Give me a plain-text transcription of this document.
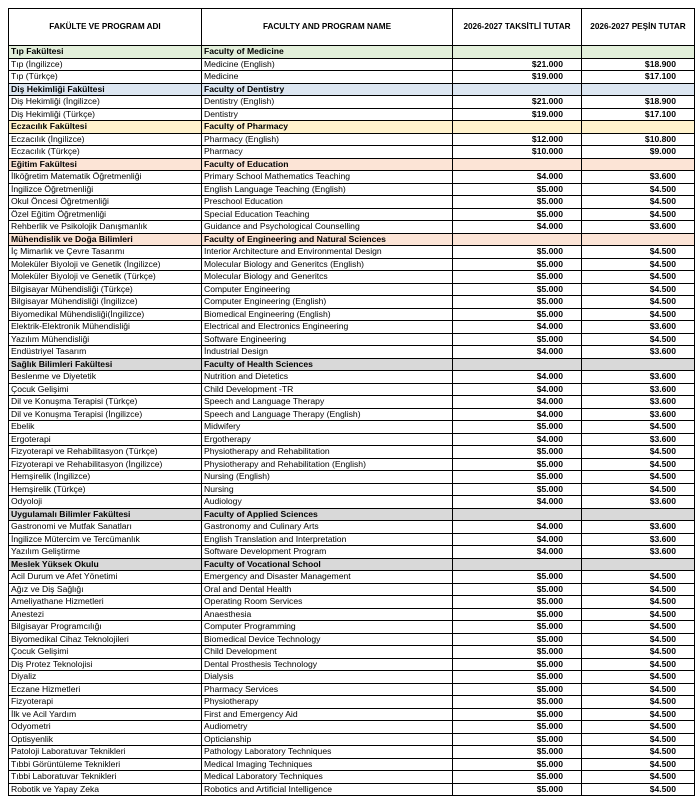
FAKÜLTE VE PROGRAM ADI	FACULTY AND PROGRAM NAME	2026-2027 TAKSİTLİ TUTAR	2026-2027 PEŞİN TUTAR
Tıp Fakültesi	Faculty of Medicine		
Tıp (İngilizce)	Medicine (English)	$21.000	$18.900
Tıp (Türkçe)	Medicine	$19.000	$17.100
Diş Hekimliği Fakültesi	Faculty of Dentistry		
Diş Hekimliği (İngilizce)	Dentistry (English)	$21.000	$18.900
Diş Hekimliği (Türkçe)	Dentistry	$19.000	$17.100
Eczacılık Fakültesi	Faculty of Pharmacy		
Eczacılık (İngilizce)	Pharmacy (English)	$12.000	$10.800
Eczacılık (Türkçe)	Pharmacy	$10.000	$9.000
Eğitim Fakültesi	Faculty of Education		
İlköğretim Matematik Öğretmenliği	Primary School Mathematics Teaching	$4.000	$3.600
İngilizce Öğretmenliği	English Language Teaching (English)	$5.000	$4.500
Okul Öncesi Öğretmenliği	Preschool Education	$5.000	$4.500
Özel Eğitim Öğretmenliği	Special Education Teaching	$5.000	$4.500
Rehberlik ve Psikolojik Danışmanlık	Guidance and Psychological Counselling	$4.000	$3.600
Mühendislik ve Doğa Bilimleri	Faculty of Engineering and Natural Sciences		
İç Mimarlık ve Çevre Tasarımı	Interior Architecture and Environmental Design	$5.000	$4.500
Moleküler Biyoloji ve Genetik (İngilizce)	Molecular Biology and Generitcs (English)	$5.000	$4.500
Moleküler Biyoloji ve Genetik (Türkçe)	Molecular Biology and Generitcs	$5.000	$4.500
Bilgisayar Mühendisliği (Türkçe)	Computer Engineering	$5.000	$4.500
Bilgisayar Mühendisliği (İngilizce)	Computer Engineering (English)	$5.000	$4.500
Biyomedikal Mühendisliği(İngilizce)	Biomedical Engineering (English)	$5.000	$4.500
Elektrik-Elektronik Mühendisliği	Electrical and Electronics Engineering	$4.000	$3.600
Yazılım Mühendisliği	Software Engineering	$5.000	$4.500
Endüstriyel Tasarım	İndustrial Design	$4.000	$3.600
Sağlık Bilimleri Fakültesi	Faculty of Health Sciences		
Beslenme ve Diyetetik	Nutrition and Dietetics	$4.000	$3.600
Çocuk Gelişimi	Child Development -TR	$4.000	$3.600
Dil ve Konuşma Terapisi (Türkçe)	Speech and Language Therapy	$4.000	$3.600
Dil ve Konuşma Terapisi (İngilizce)	Speech and Language Therapy (English)	$4.000	$3.600
Ebelik	Midwifery	$5.000	$4.500
Ergoterapi	Ergotherapy	$4.000	$3.600
Fizyoterapi ve Rehabilitasyon (Türkçe)	Physiotherapy and Rehabilitation	$5.000	$4.500
Fizyoterapi ve Rehabilitasyon (İngilizce)	Physiotherapy and Rehabilitation (English)	$5.000	$4.500
Hemşirelik (İngilizce)	Nursing (English)	$5.000	$4.500
Hemşirelik (Türkçe)	Nursing	$5.000	$4.500
Odyoloji	Audiology	$4.000	$3.600
Uygulamalı Bilimler Fakültesi	Faculty of Applied Sciences		
Gastronomi ve Mutfak Sanatları	Gastronomy and Culinary Arts	$4.000	$3.600
İngilizce Mütercim ve Tercümanlık	English Translation and Interpretation	$4.000	$3.600
Yazılım Geliştirme	Software Development Program	$4.000	$3.600
Meslek Yüksek Okulu	Faculty of Vocational School		
Acil Durum ve Afet Yönetimi	Emergency and Disaster Management	$5.000	$4.500
Ağız ve Diş Sağlığı	Oral and Dental Health	$5.000	$4.500
Ameliyathane Hizmetleri	Operating Room Services	$5.000	$4.500
Anestezi	Anaesthesia	$5.000	$4.500
Bilgisayar Programcılığı	Computer Programming	$5.000	$4.500
Biyomedikal Cihaz Teknolojileri	Biomedical Device Technology	$5.000	$4.500
Çocuk Gelişimi	Child Development	$5.000	$4.500
Diş Protez Teknolojisi	Dental Prosthesis Technology	$5.000	$4.500
Diyaliz	Dialysis	$5.000	$4.500
Eczane Hizmetleri	Pharmacy Services	$5.000	$4.500
Fizyoterapi	Physiotherapy	$5.000	$4.500
İlk ve Acil Yardım	First and Emergency Aid	$5.000	$4.500
Odyometri	Audiometry	$5.000	$4.500
Optisyenlik	Opticianship	$5.000	$4.500
Patoloji Laboratuvar Teknikleri	Pathology Laboratory Techniques	$5.000	$4.500
Tıbbi Görüntüleme Teknikleri	Medical Imaging Techniques	$5.000	$4.500
Tıbbi Laboratuvar Teknikleri	Medical Laboratory Techniques	$5.000	$4.500
Robotik ve Yapay Zeka	Robotics and Artificial Intelligence	$5.000	$4.500
